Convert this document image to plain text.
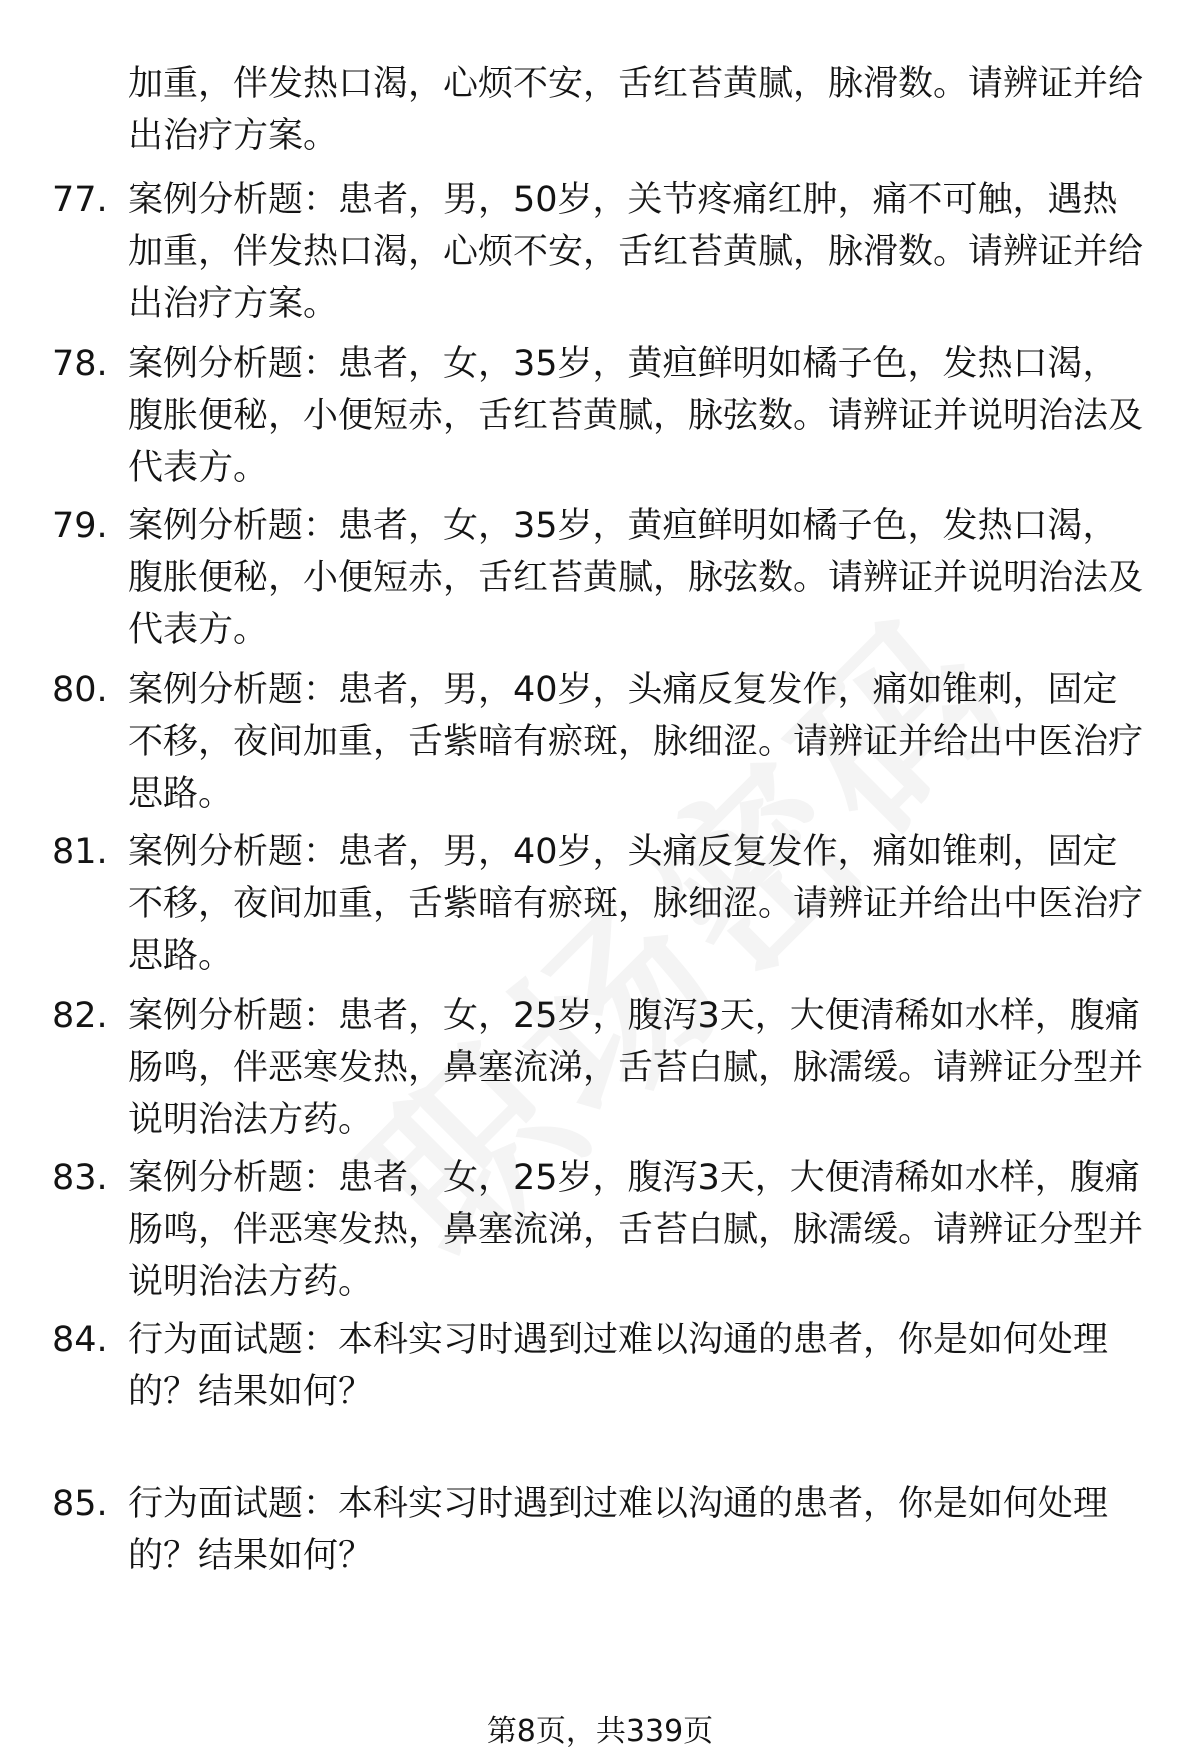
加重，伴发热口渴，心烦不安，舌红苔黄腻，脉滑数。请辨证并给出治疗方案。
77. 案例分析题：患者，男，50岁，关节疼痛红肿，痛不可触，遇热加重，伴发热口渴，心烦不安，舌红苔黄腻，脉滑数。请辨证并给出治疗方案。
78. 案例分析题：患者，女，35岁，黄疸鲜明如橘子色，发热口渴，腹胀便秘，小便短赤，舌红苔黄腻，脉弦数。请辨证并说明治法及代表方。
79. 案例分析题：患者，女，35岁，黄疸鲜明如橘子色，发热口渴，腹胀便秘，小便短赤，舌红苔黄腻，脉弦数。请辨证并说明治法及代表方。
80. 案例分析题：患者，男，40岁，头痛反复发作，痛如锥刺，固定不移，夜间加重，舌紫暗有瘀斑，脉细涩。请辨证并给出中医治疗思路。
81. 案例分析题：患者，男，40岁，头痛反复发作，痛如锥刺，固定不移，夜间加重，舌紫暗有瘀斑，脉细涩。请辨证并给出中医治疗思路。
82. 案例分析题：患者，女，25岁，腹泻3天，大便清稀如水样，腹痛肠鸣，伴恶寒发热，鼻塞流涕，舌苔白腻，脉濡缓。请辨证分型并说明治法方药。
83. 案例分析题：患者，女，25岁，腹泻3天，大便清稀如水样，腹痛肠鸣，伴恶寒发热，鼻塞流涕，舌苔白腻，脉濡缓。请辨证分型并说明治法方药。
84. 行为面试题：本科实习时遇到过难以沟通的患者，你是如何处理的？结果如何？
85. 行为面试题：本科实习时遇到过难以沟通的患者，你是如何处理的？结果如何？
第8页，共339页
